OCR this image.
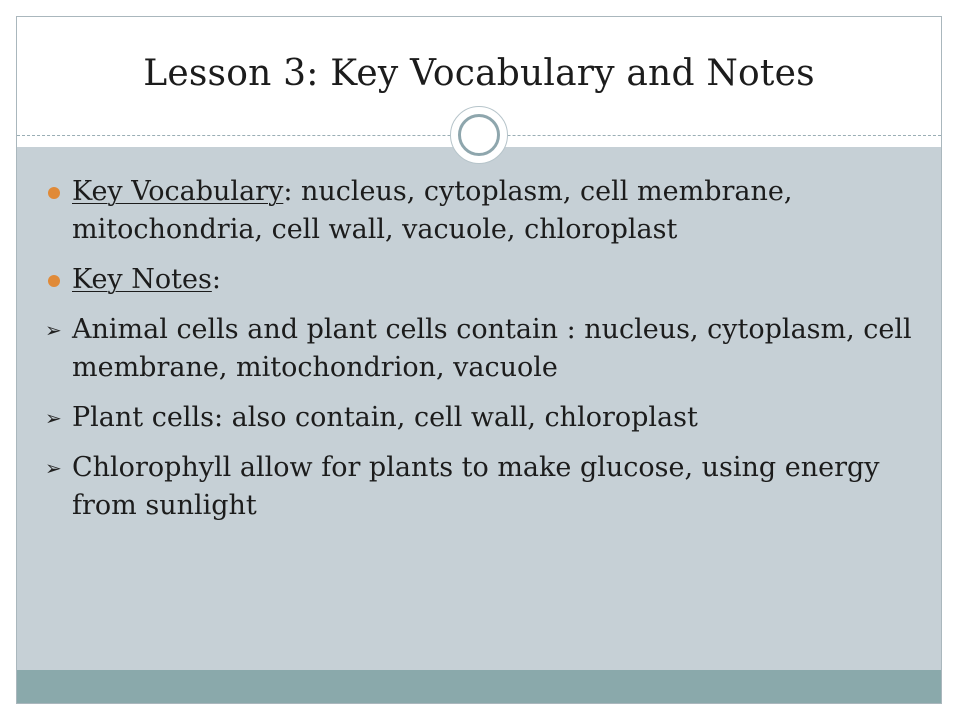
Lesson 3: Key Vocabulary and Notes
Key Vocabulary: nucleus, cytoplasm, cell membrane, mitochondria, cell wall, vacuole, chloroplast
Key Notes:
➢ Animal cells and plant cells contain : nucleus, cytoplasm, cell membrane, mitochondrion, vacuole
➢ Plant cells: also contain, cell wall, chloroplast
➢ Chlorophyll allow for plants to make glucose, using energy from sunlight
